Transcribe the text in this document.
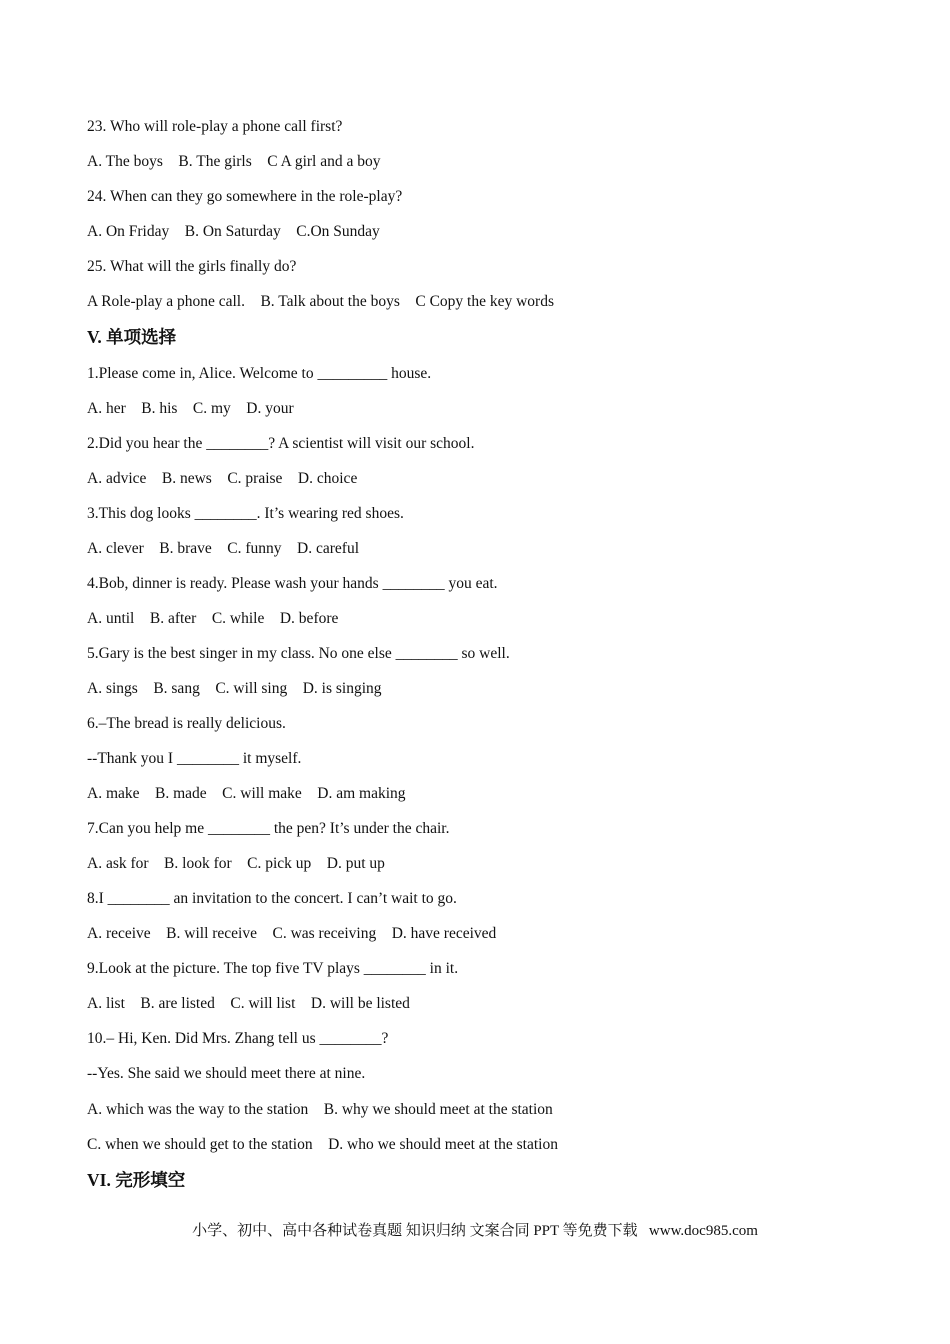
23. Who will role-play a phone call first?
A. The boys    B. The girls    C A girl and a boy
24. When can they go somewhere in the role-play?
A. On Friday    B. On Saturday    C.On Sunday
25. What will the girls finally do?
A Role-play a phone call.    B. Talk about the boys    C Copy the key words
V. 单项选择
1.Please come in, Alice. Welcome to _________ house.
A. her    B. his    C. my    D. your
2.Did you hear the ________? A scientist will visit our school.
A. advice    B. news    C. praise    D. choice
3.This dog looks ________. It’s wearing red shoes.
A. clever    B. brave    C. funny    D. careful
4.Bob, dinner is ready. Please wash your hands ________ you eat.
A. until    B. after    C. while    D. before
5.Gary is the best singer in my class. No one else ________ so well.
A. sings    B. sang    C. will sing    D. is singing
6.–The bread is really delicious.
--Thank you I ________ it myself.
A. make    B. made    C. will make    D. am making
7.Can you help me ________ the pen? It’s under the chair.
A. ask for    B. look for    C. pick up    D. put up
8.I ________ an invitation to the concert. I can’t wait to go.
A. receive    B. will receive    C. was receiving    D. have received
9.Look at the picture. The top five TV plays ________ in it.
A. list    B. are listed    C. will list    D. will be listed
10.– Hi, Ken. Did Mrs. Zhang tell us ________?
--Yes. She said we should meet there at nine.
A. which was the way to the station    B. why we should meet at the station
C. when we should get to the station    D. who we should meet at the station
VI. 完形填空
小学、初中、高中各种试卷真题 知识归纳 文案合同 PPT 等免费下载   www.doc985.com
